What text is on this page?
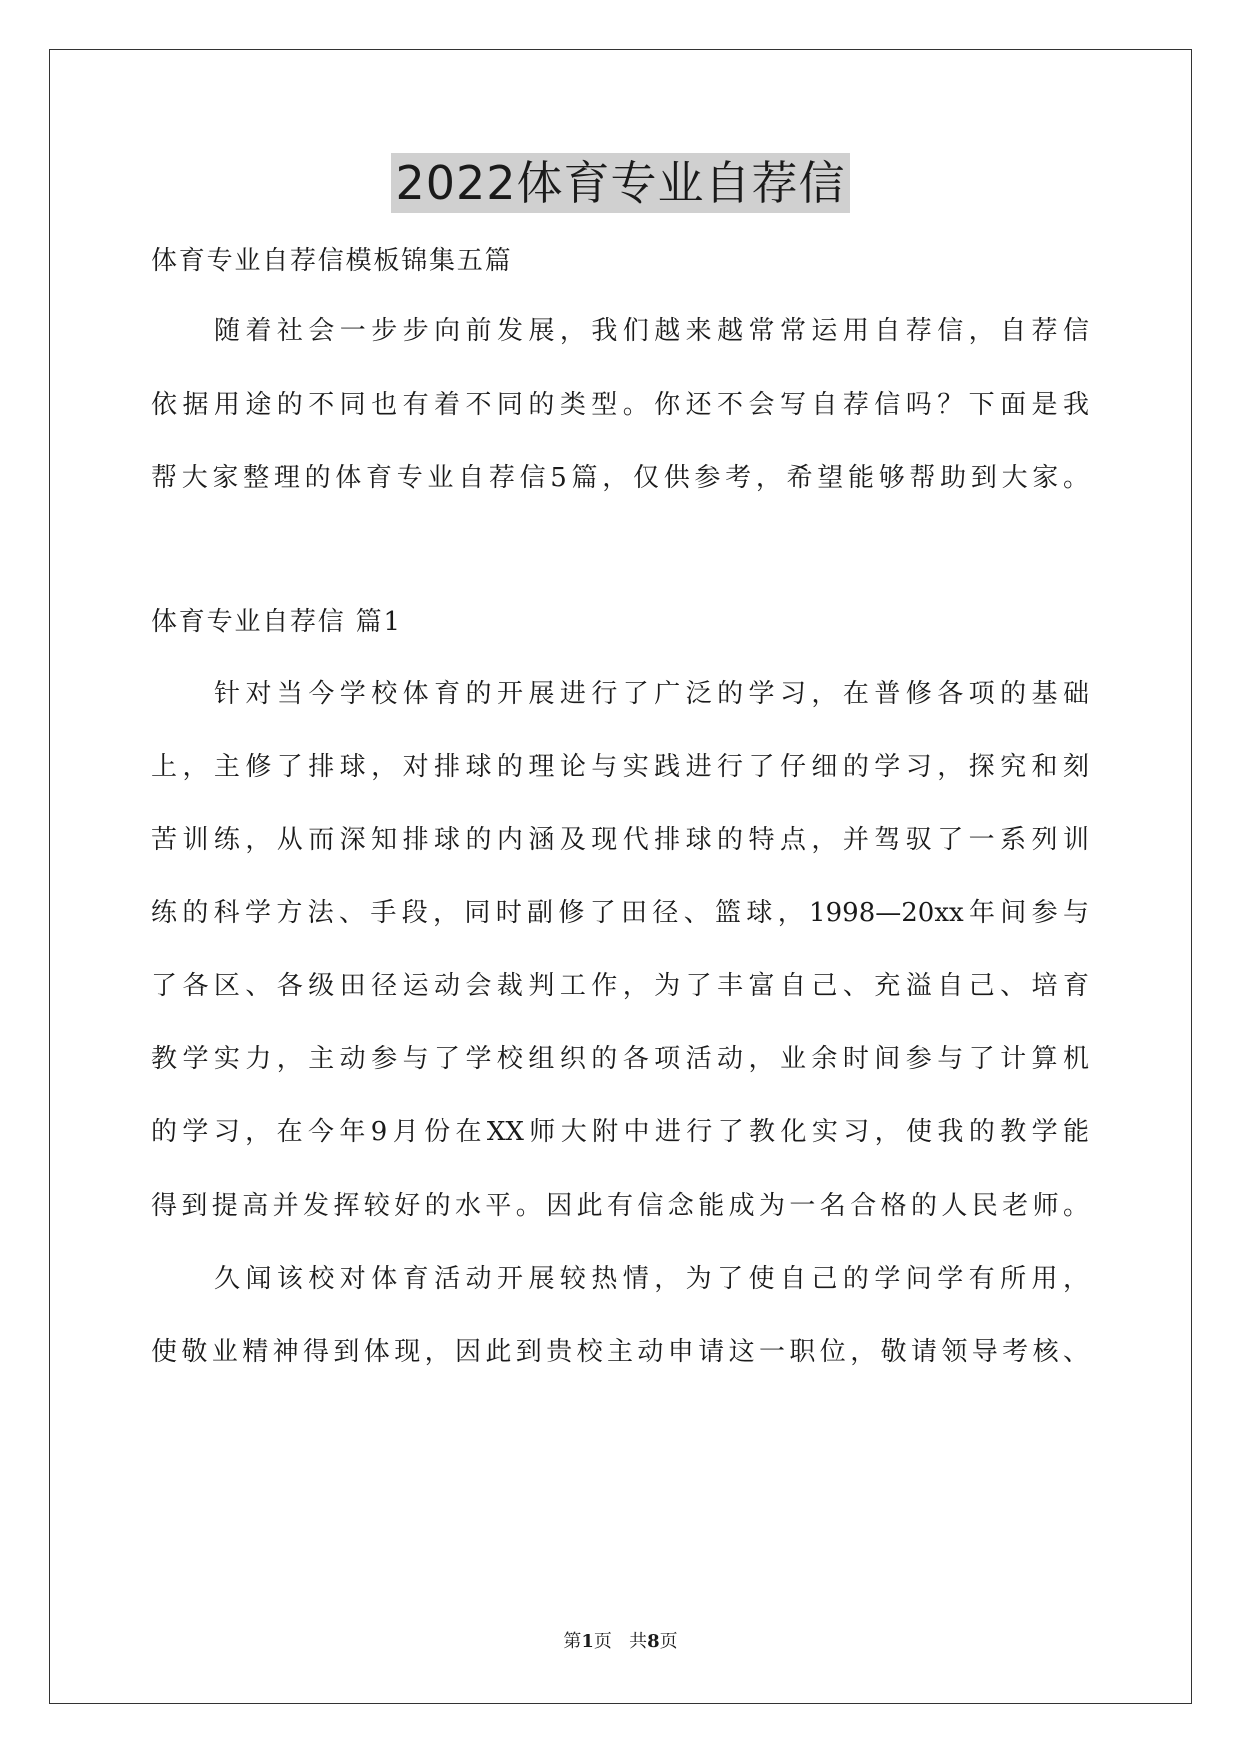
2022体育专业自荐信
体育专业自荐信模板锦集五篇
随着社会一步步向前发展，我们越来越常常运用自荐信，自荐信
依据用途的不同也有着不同的类型。你还不会写自荐信吗？下面是我
帮大家整理的体育专业自荐信5篇，仅供参考，希望能够帮助到大家。
体育专业自荐信 篇1
针对当今学校体育的开展进行了广泛的学习，在普修各项的基础
上，主修了排球，对排球的理论与实践进行了仔细的学习，探究和刻
苦训练，从而深知排球的内涵及现代排球的特点，并驾驭了一系列训
练的科学方法、手段，同时副修了田径、篮球，1998—20xx年间参与
了各区、各级田径运动会裁判工作，为了丰富自己、充溢自己、培育
教学实力，主动参与了学校组织的各项活动，业余时间参与了计算机
的学习，在今年9月份在XX师大附中进行了教化实习，使我的教学能
得到提高并发挥较好的水平。因此有信念能成为一名合格的人民老师。
久闻该校对体育活动开展较热情，为了使自己的学问学有所用，
使敬业精神得到体现，因此到贵校主动申请这一职位，敬请领导考核、
第1页   共8页
